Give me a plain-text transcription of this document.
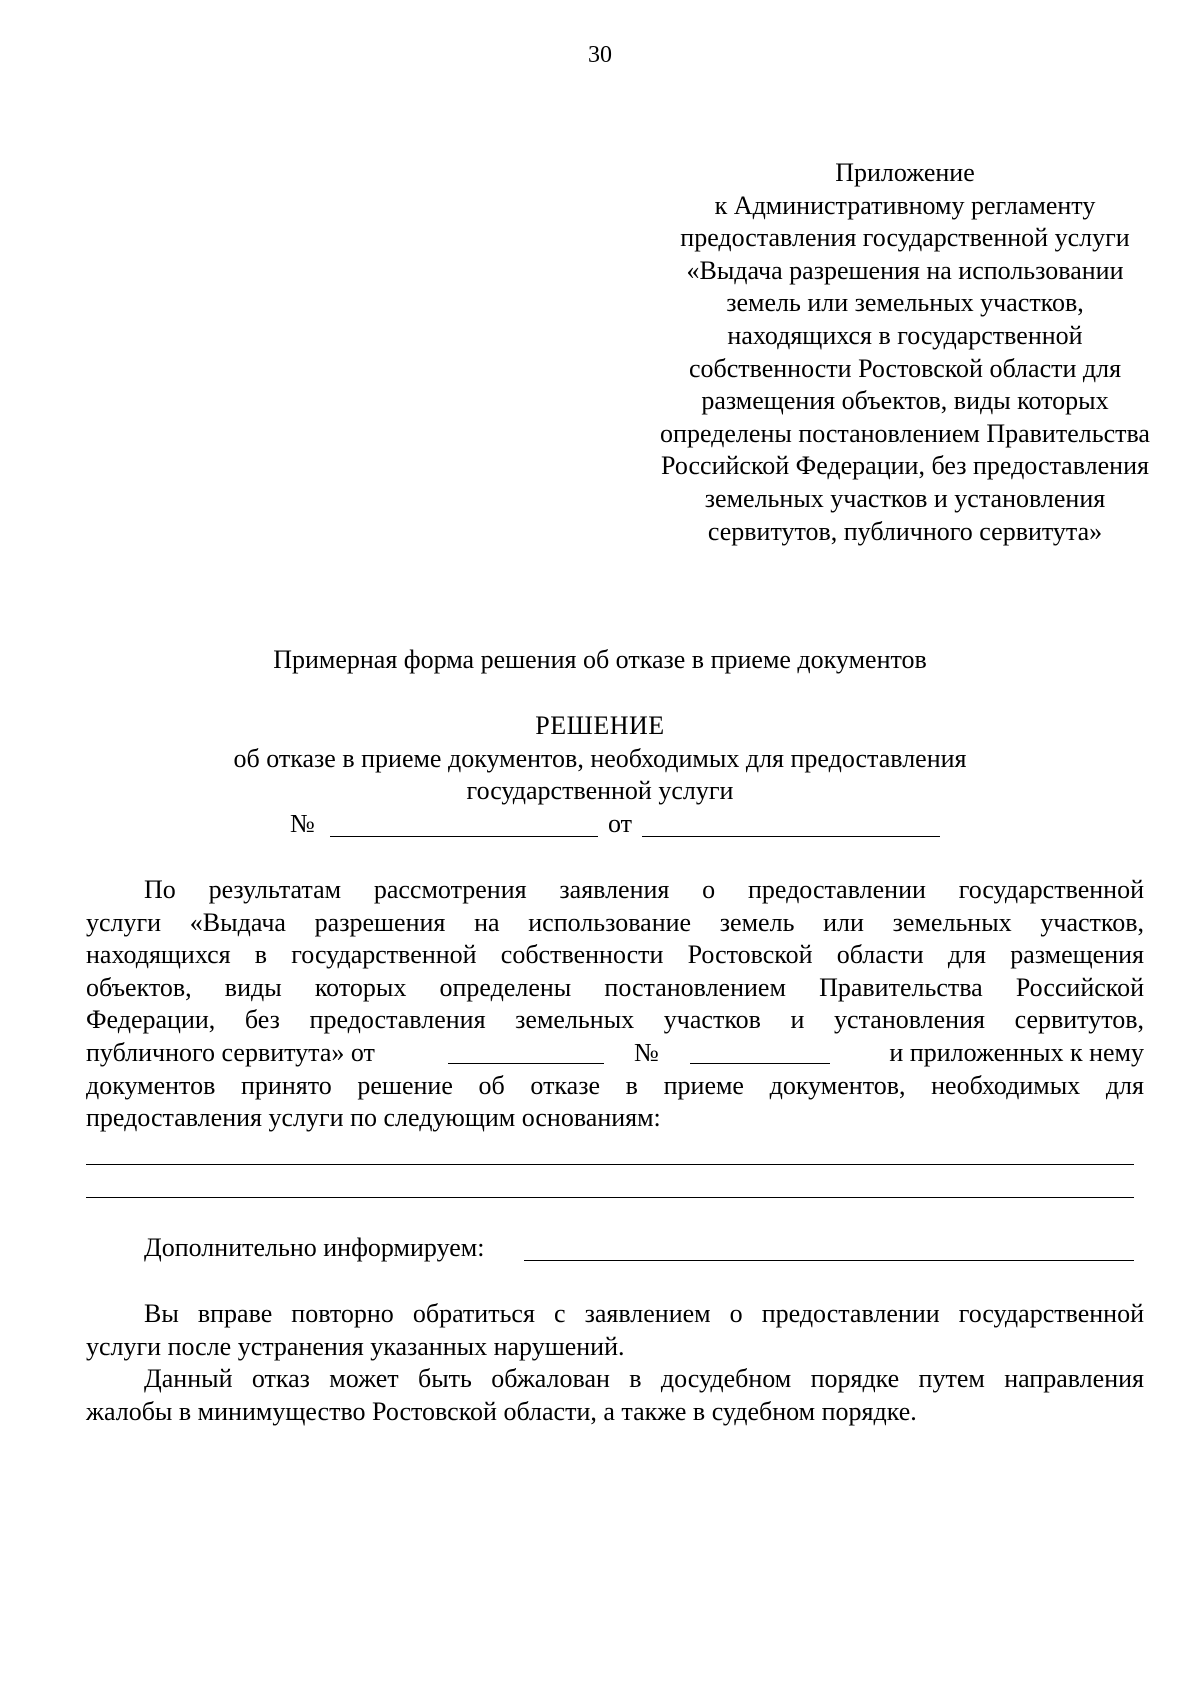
30
Приложение
к Административному регламенту
предоставления государственной услуги
«Выдача разрешения на использовании
земель или земельных участков,
находящихся в государственной
собственности Ростовской области для
размещения объектов, виды которых
определены постановлением Правительства
Российской Федерации, без предоставления
земельных участков и установления
сервитутов, публичного сервитута»
Примерная форма решения об отказе в приеме документов
РЕШЕНИЕ
об отказе в приеме документов, необходимых для предоставления
государственной услуги
№	от
По результатам рассмотрения заявления о предоставлении государственной
услуги «Выдача разрешения на использование земель или земельных участков,
находящихся в государственной собственности Ростовской области для размещения
объектов, виды которых определены постановлением Правительства Российской
Федерации, без предоставления земельных участков и установления сервитутов,
публичного сервитута» от	№	и приложенных к нему
документов принято решение об отказе в приеме документов, необходимых для
предоставления услуги по следующим основаниям:
Дополнительно информируем:
Вы вправе повторно обратиться с заявлением о предоставлении государственной
услуги после устранения указанных нарушений.
Данный отказ может быть обжалован в досудебном порядке путем направления
жалобы в минимущество Ростовской области, а также в судебном порядке.
